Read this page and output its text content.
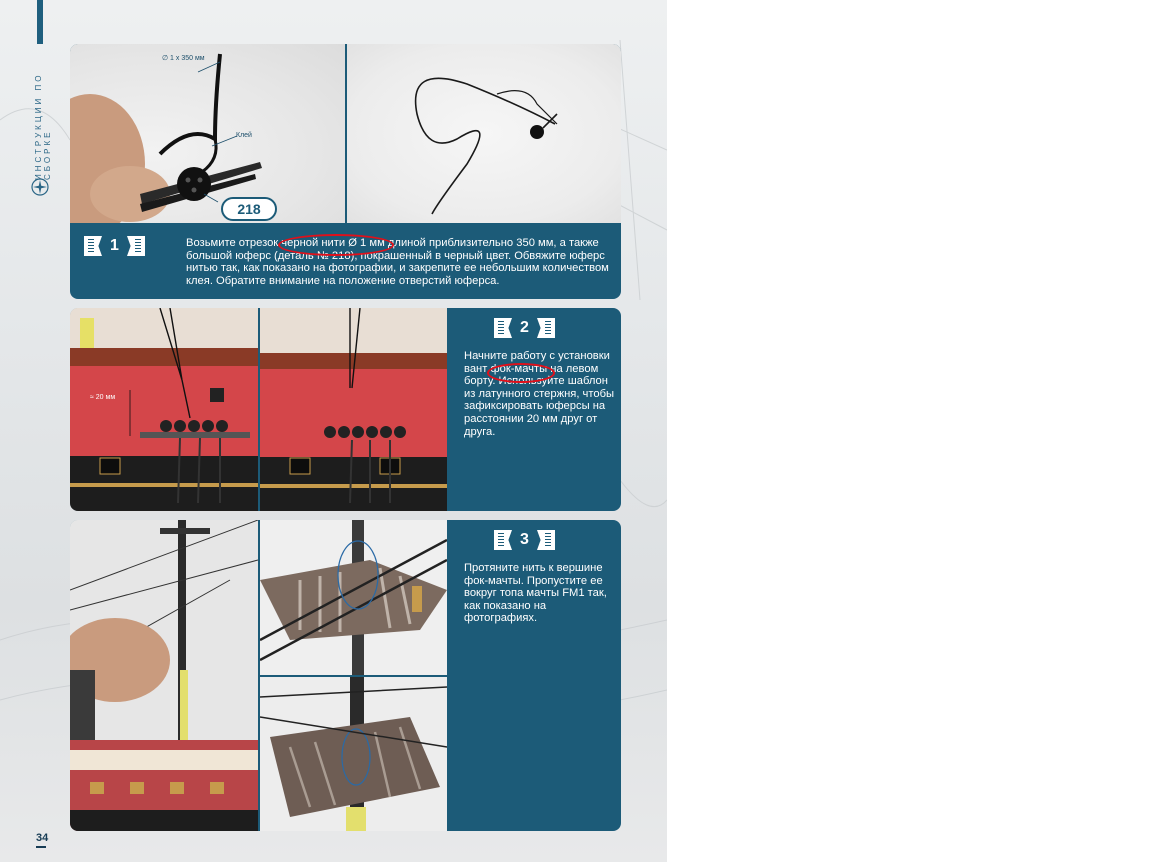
ИНСТРУКЦИИ ПО СБОРКЕ
∅ 1 x 350 мм
Клей
218
1	Возьмите отрезок черной нити Ø 1 мм длиной приблизительно 350 мм, а также большой юферс (деталь № 218), покрашенный в черный цвет. Обвяжите юферс нитью так, как показано на фотографии, и закрепите ее небольшим количеством клея. Обратите внимание на положение отверстий юферса.
≈ 20 мм
2
Начните работу с установки вант фок-мачты на левом борту. Используйте шаблон из латунного стержня, чтобы зафиксировать юферсы на расстоянии 20 мм друг от друга.
3
Протяните нить к вершине фок-мачты. Пропустите ее вокруг топа мачты FM1 так, как показано на фотографиях.
34
